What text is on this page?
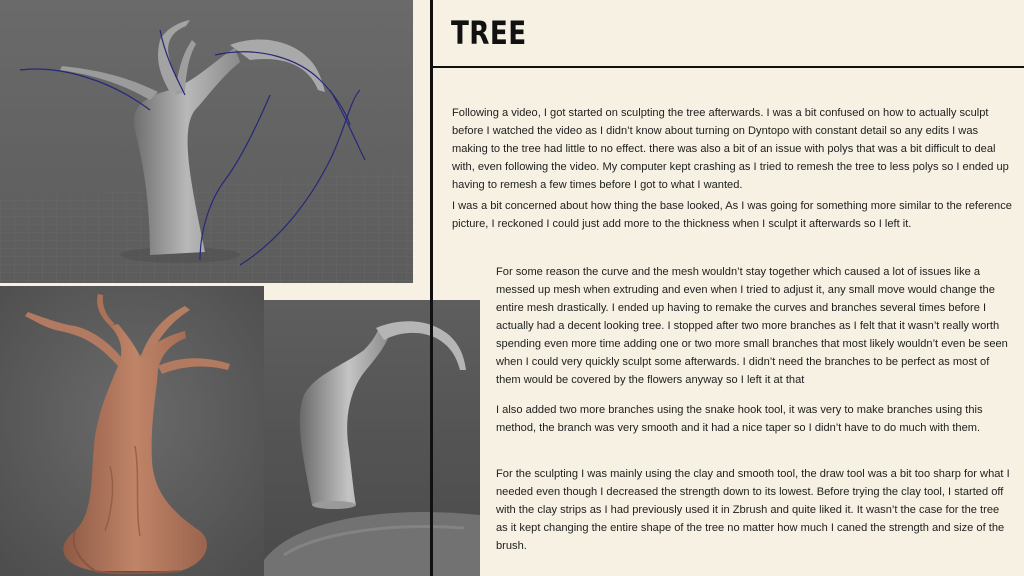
TREE

Following a video, I got started on sculpting the tree afterwards. I was a bit confused on how to actually sculpt before I watched the video as I didn’t know about turning on Dyntopo with constant detail so any edits I was making to the tree had little to no effect. there was also a bit of an issue with polys that was a bit difficult to deal with, even following the video. My computer kept crashing as I tried to remesh the tree to less polys so I ended up having to remesh a few times before I got to what I wanted.

I was a bit concerned about how thing the base looked, As I was going for something more similar to the reference picture, I reckoned I could just add more to the thickness when I sculpt it afterwards so I left it.

For some reason the curve and the mesh wouldn’t stay together which caused a lot of issues like a messed up mesh when extruding and even when I tried to adjust it, any small move would change the entire mesh drastically. I ended up having to remake the curves and branches several times before I actually had a decent looking tree. I stopped after two more branches as I felt that it wasn’t really worth spending even more time adding one or two more small branches that most likely wouldn’t even be seen when I could very quickly sculpt some afterwards. I didn’t need the branches to be perfect as most of them would be covered by the flowers anyway so I left it at that

I also added two more branches using the snake hook tool, it was very to make branches using this method, the branch was very smooth and it had a nice taper so I didn’t have to do much with them.

For the sculpting I was mainly using the clay and smooth tool, the draw tool was a bit too sharp for what I needed even though I decreased the strength down to its lowest. Before trying the clay tool, I started off with the clay strips as I had previously used it in Zbrush and quite liked it. It wasn’t the case for the tree as it kept changing the entire shape of the tree no matter how much I caned the strength and size of the brush.
